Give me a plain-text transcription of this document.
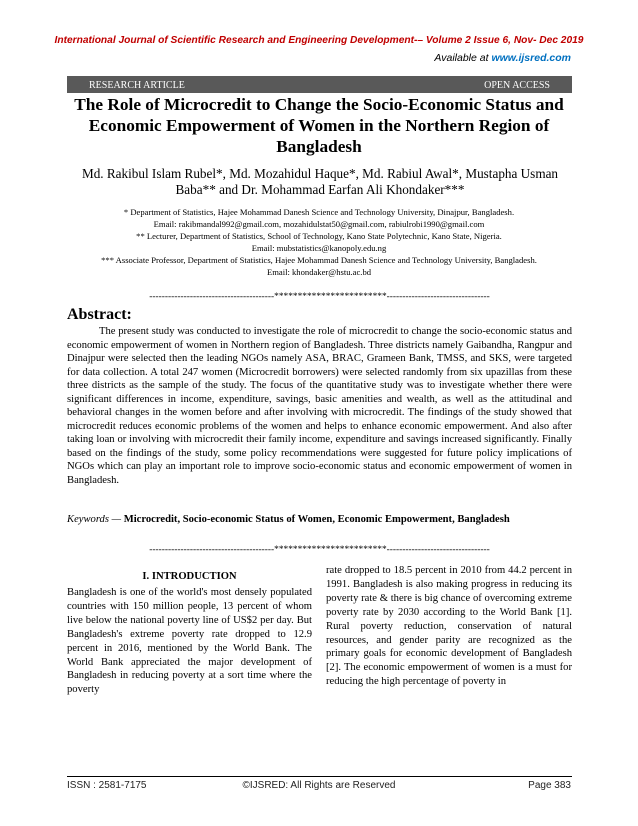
International Journal of Scientific Research and Engineering Development-– Volume 2 Issue 6, Nov- Dec 2019
Available at www.ijsred.com
RESEARCH ARTICLE	OPEN ACCESS
The Role of Microcredit to Change the Socio-Economic Status and Economic Empowerment of Women in the Northern Region of Bangladesh
Md. Rakibul Islam Rubel*, Md. Mozahidul Haque*, Md. Rabiul Awal*, Mustapha Usman Baba** and Dr. Mohammad Earfan Ali Khondaker***
* Department of Statistics, Hajee Mohammad Danesh Science and Technology University, Dinajpur, Bangladesh.
Email: rakibmandal992@gmail.com, mozahidulstat50@gmail.com, rabiulrobi1990@gmail.com
** Lecturer, Department of Statistics, School of Technology, Kano State Polytechnic, Kano State, Nigeria.
Email: mubstatistics@kanopoly.edu.ng
*** Associate Professor, Department of Statistics, Hajee Mohammad Danesh Science and Technology University, Bangladesh.
Email: khondaker@hstu.ac.bd
----------------------------------------************************---------------------------------
Abstract:
The present study was conducted to investigate the role of microcredit to change the socio-economic status and economic empowerment of women in Northern region of Bangladesh. Three districts namely Gaibandha, Rangpur and Dinajpur were selected then the leading NGOs namely ASA, BRAC, Grameen Bank, TMSS, and SKS, were targeted for data collection. A total 247 women (Microcredit borrowers) were selected randomly from six upazillas from these three districts as the sample of the study. The focus of the quantitative study was to investigate whether there were significant differences in income, expenditure, savings, basic amenities and wealth, as well as the attitudinal and behavioral changes in the women before and after involving with microcredit. The findings of the study showed that microcredit reduces economic problems of the women and helps to enhance economic empowerment. And also after taking loan or involving with microcredit their family income, expenditure and savings increased significantly. Finally based on the findings of the study, some policy recommendations were suggested for future policy implications of NGOs which can play an important role to improve socio-economic status and economic empowerment of women in Bangladesh.
Keywords — Microcredit, Socio-economic Status of Women, Economic Empowerment, Bangladesh
----------------------------------------************************---------------------------------
I. INTRODUCTION
Bangladesh is one of the world's most densely populated countries with 150 million people, 13 percent of whom live below the national poverty line of US$2 per day. But Bangladesh's extreme poverty rate dropped to 12.9 percent in 2016, mentioned by the World Bank. The World Bank appreciated the major development of Bangladesh in reducing poverty at a sort time where the poverty
rate dropped to 18.5 percent in 2010 from 44.2 percent in 1991. Bangladesh is also making progress in reducing its poverty rate & there is big chance of overcoming extreme poverty rate by 2030 according to the World Bank [1]. Rural poverty reduction, conservation of natural resources, and gender parity are recognized as the primary goals for economic development of Bangladesh [2]. The economic empowerment of women is a must for reducing the high percentage of poverty in
ISSN : 2581-7175	©IJSRED: All Rights are Reserved	Page 383
